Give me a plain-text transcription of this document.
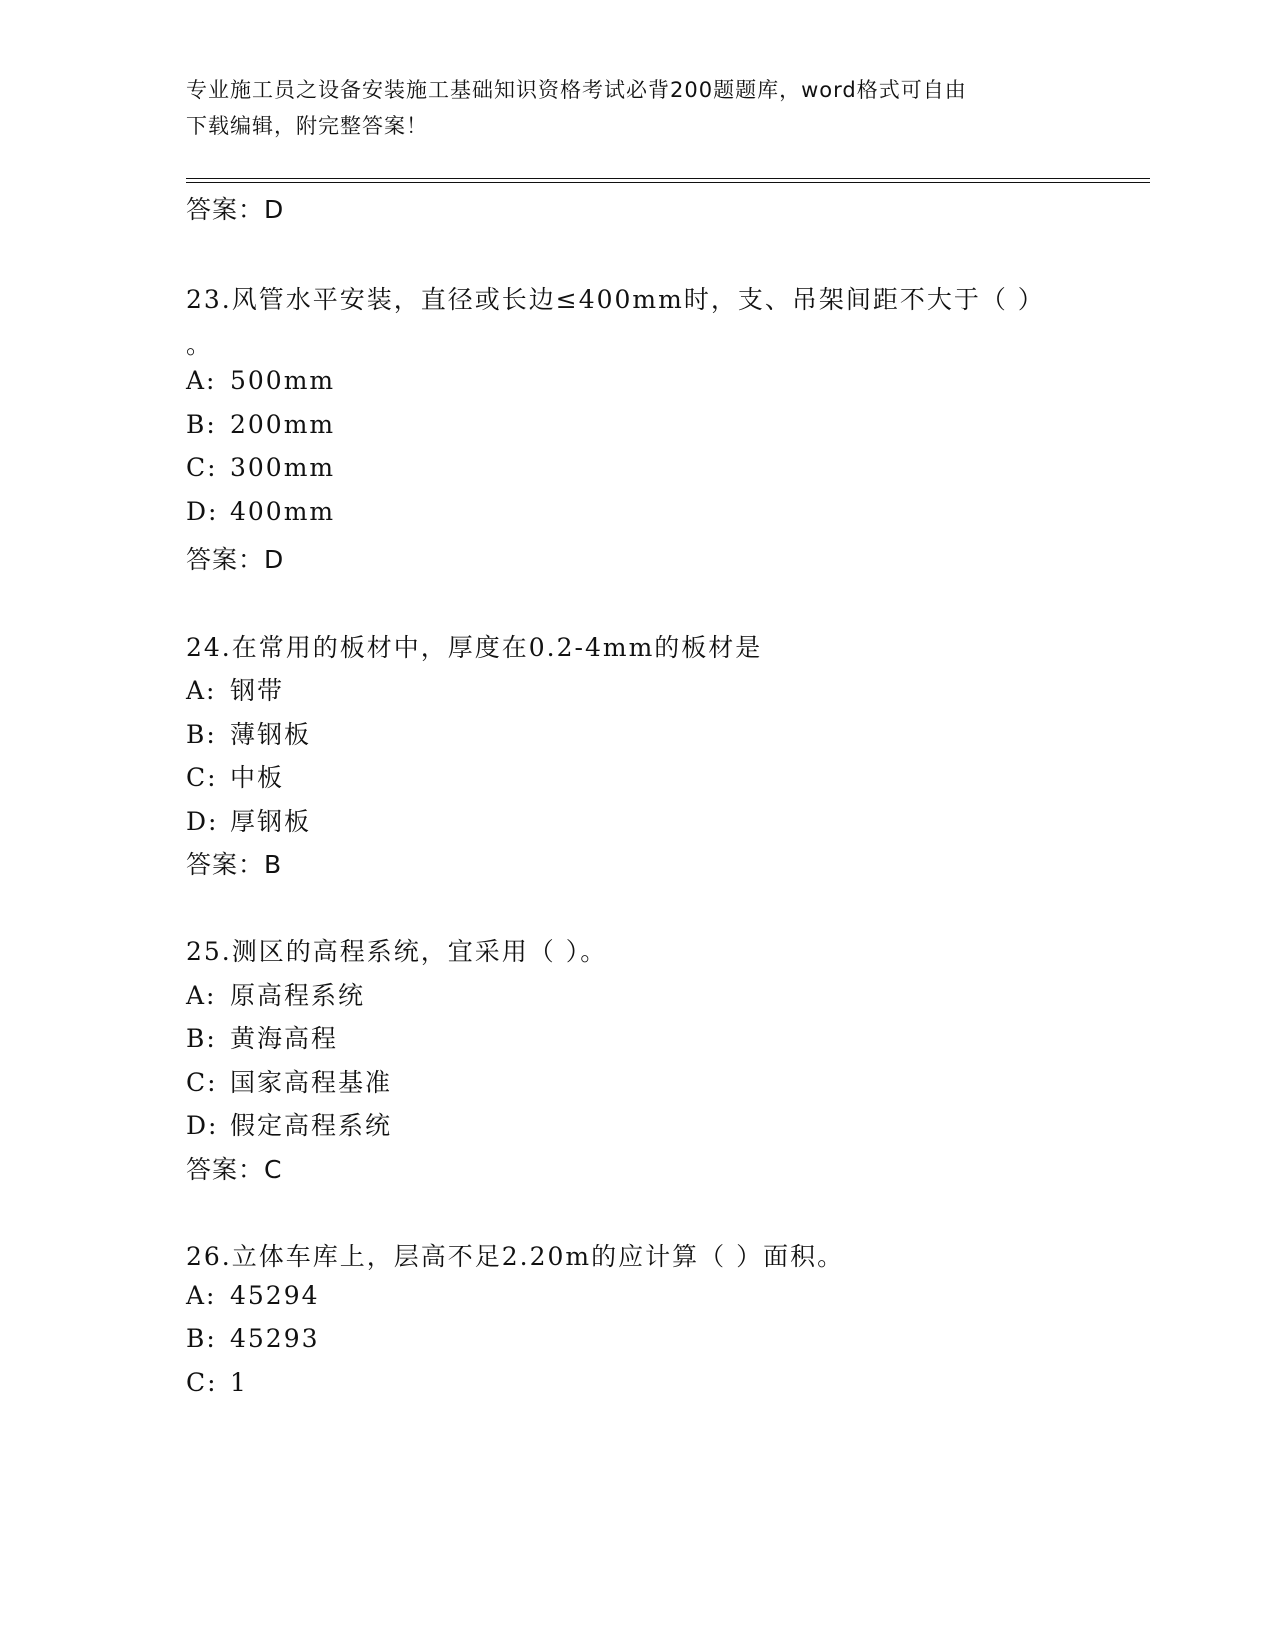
专业施工员之设备安装施工基础知识资格考试必背200题题库，word格式可自由
下载编辑，附完整答案！
答案：D
23.风管水平安装，直径或长边≤400mm时，支、吊架间距不大于（ ）
。
A: 500mm
B: 200mm
C: 300mm
D: 400mm
答案：D
24.在常用的板材中，厚度在0.2-4mm的板材是
A: 钢带
B: 薄钢板
C: 中板
D: 厚钢板
答案：B
25.测区的高程系统，宜采用（ ）。
A: 原高程系统
B: 黄海高程
C: 国家高程基准
D: 假定高程系统
答案：C
26.立体车库上，层高不足2.20m的应计算（ ）面积。
A: 45294
B: 45293
C: 1
